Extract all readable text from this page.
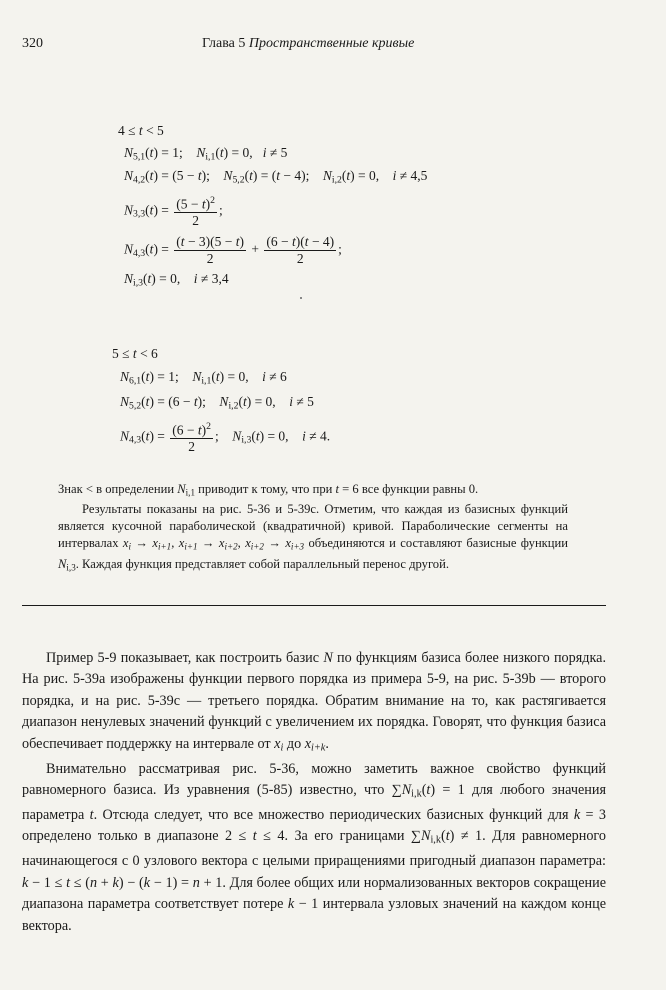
320	Глава 5 Пространственные кривые
4 ≤ t < 5
$N_{5,1}(t) = 1$;    $N_{i,1}(t) = 0$,   i ≠ 5
$N_{4,2}(t) = (5 - t)$;    $N_{5,2}(t) = (t - 4)$;    $N_{i,2}(t) = 0$,    i ≠ 4,5
$N_{3,3}(t) = \frac{(5 - t)^2}{2}$ ;
$N_{4,3}(t) = \frac{(t - 3)(5 - t)}{2} + \frac{(6 - t)(t - 4)}{2}$ ;
$N_{i,3}(t) = 0$,    i ≠ 3,4
5 ≤ t < 6
$N_{6,1}(t) = 1$;    $N_{i,1}(t) = 0$,    i ≠ 6
$N_{5,2}(t) = (6 - t)$;    $N_{i,2}(t) = 0$,    i ≠ 5
$N_{4,3}(t) = \frac{(6 - t)^2}{2}$ ;    $N_{i,3}(t) = 0$,    i ≠ 4.
Знак < в определении $N_{i,1}$ приводит к тому, что при t = 6 все функции равны 0.
Результаты показаны на рис. 5-36 и 5-39c. Отметим, что каждая из базисных функций является кусочной параболической (квадратичной) кривой. Параболические сегменты на интервалах $x_i \to x_{i+1}$, $x_{i+1} \to x_{i+2}$, $x_{i+2} \to x_{i+3}$ объединяются и составляют базисные функции $N_{i,3}$. Каждая функция представляет собой параллельный перенос другой.

Пример 5-9 показывает, как построить базис N по функциям базиса более низкого порядка. На рис. 5-39a изображены функции первого порядка из примера 5-9, на рис. 5-39b — второго порядка, и на рис. 5-39c — третьего порядка. Обратим внимание на то, как растягивается диапазон ненулевых значений функций с увеличением их порядка. Говорят, что функция базиса обеспечивает поддержку на интервале от $x_i$ до $x_{i+k}$.

Внимательно рассматривая рис. 5-36, можно заметить важное свойство функций равномерного базиса. Из уравнения (5-85) известно, что $\sum N_{i,k}(t) = 1$ для любого значения параметра t. Отсюда следует, что все множество периодических базисных функций для k = 3 определено только в диапазоне 2 ≤ t ≤ 4. За его границами $\sum N_{i,k}(t) \ne 1$. Для равномерного начинающегося с 0 узлового вектора с целыми приращениями пригодный диапазон параметра: k − 1 ≤ t ≤ (n + k) − (k − 1) = n + 1. Для более общих или нормализованных векторов сокращение диапазона параметра соответствует потере k − 1 интервала узловых значений на каждом конце вектора.
